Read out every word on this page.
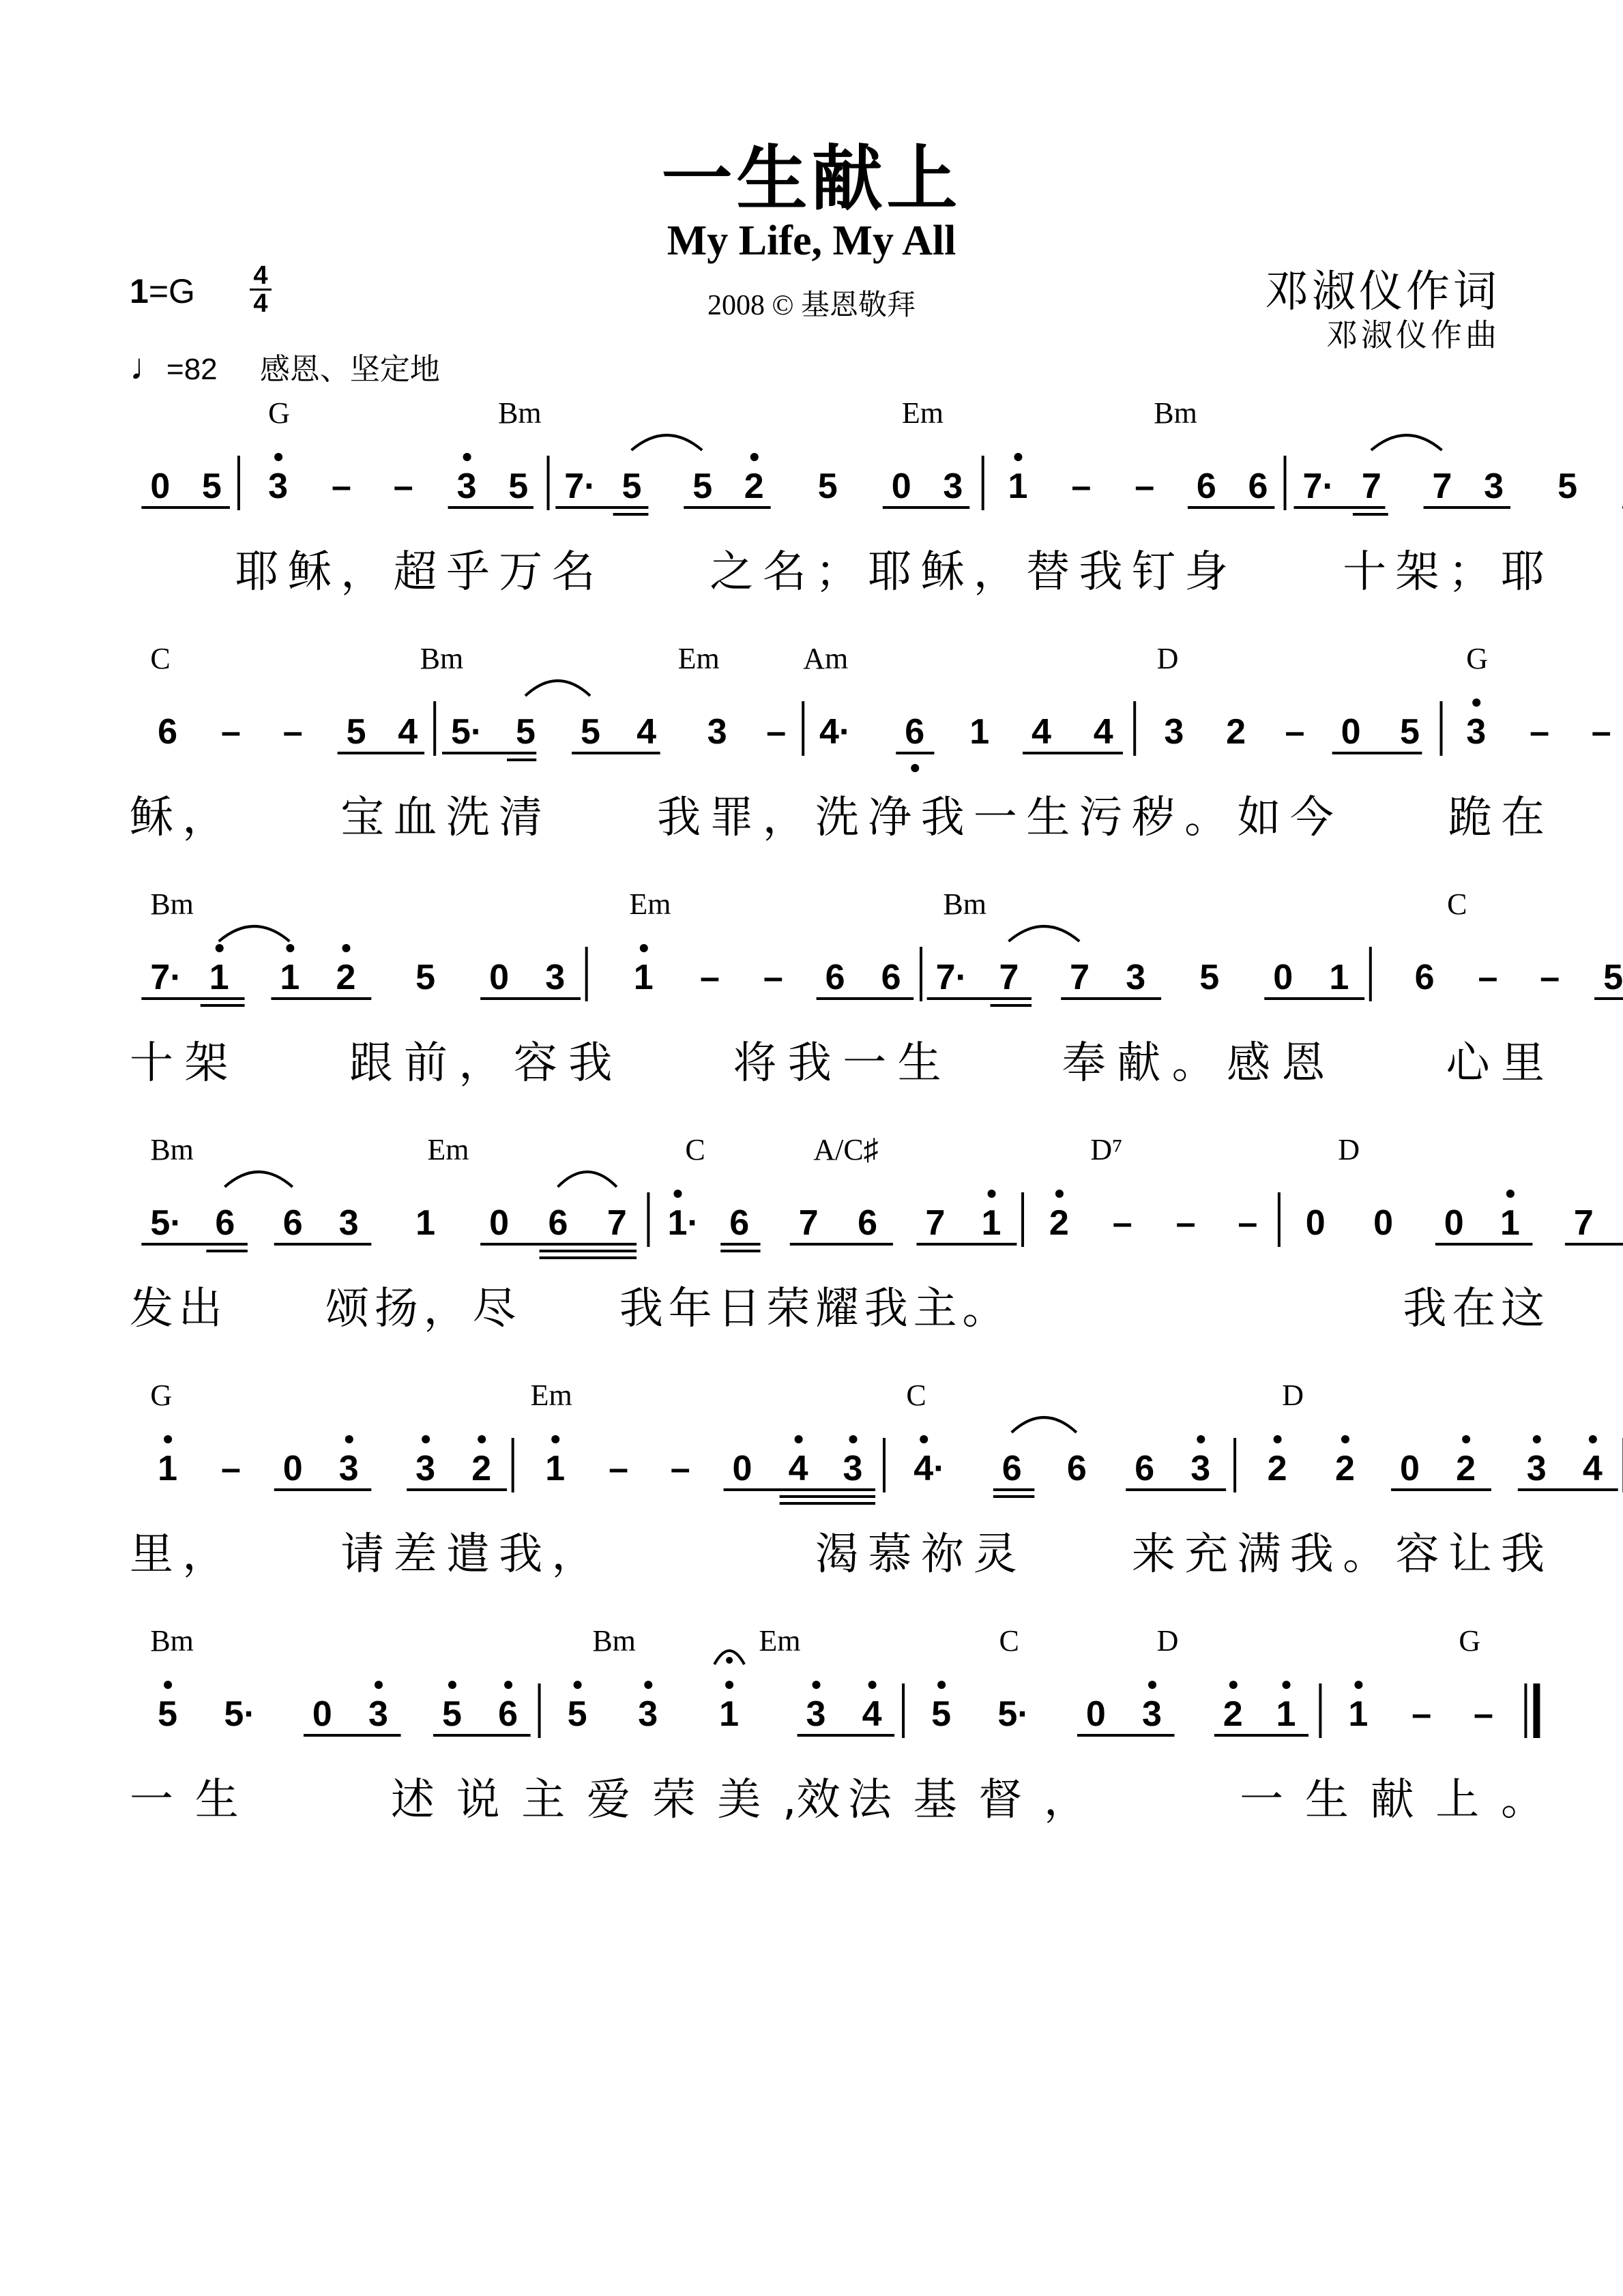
一生献上
My Life, My All
2008 © 基恩敬拜
1=G 4
4
♩=82 感恩、坚定地
邓淑仪作词
邓淑仪作曲
G	Bm	Em	Bm
0 5 3 – – 3 5 7· 5 5 2 5 0 3 1 – – 6 6 7· 7 7 3 5
耶 稣 ， 超 乎 万 名	之 名 ； 耶 稣 ， 替 我 钉 身	十 架 ； 耶
C	Bm	Em	Am	D	G
6 – – 5 4 5· 5 5 4 3 – 4· 6 1 4 4 3 2 – 0 5 3 – –
稣 ，	宝 血 洗 清	我 罪 ， 洗 净 我 一 生 污 秽 。 如 今	跪 在
Bm	Em	Bm	C
7· 1 1 2 5 0 3 1 – – 6 6 7· 7 7 3 5 0 1 6 – – 5
十 架	跟 前 ， 容 我	将 我 一 生	奉 献 。 感 恩	心 里
Bm	Em	C	A/C♯	D⁷	D
5· 6 6 3 1 0 6 7 1· 6 7 6 7 1 2 – – – 0 0 0 1 7
发 出 颂 扬 ， 尽 我 年 日 荣 耀 我 主 。	我 在 这
G	Em	C	D
1 – 0 3 3 2 1 – – 0 4 3 4· 6 6 6 3 2 2 0 2 3 4
里 ，	请 差 遣 我 ，	渴 慕 祢 灵	来 充 满 我 。 容 让 我
Bm	Bm	Em	C	D	G
5 5· 0 3 5 6 5 3 1 3 4 5 5· 0 3 2 1 1 – –
一 生	述 说 主 爱 荣 美 ,效 法 基 督 ，	一 生 献 上 。
